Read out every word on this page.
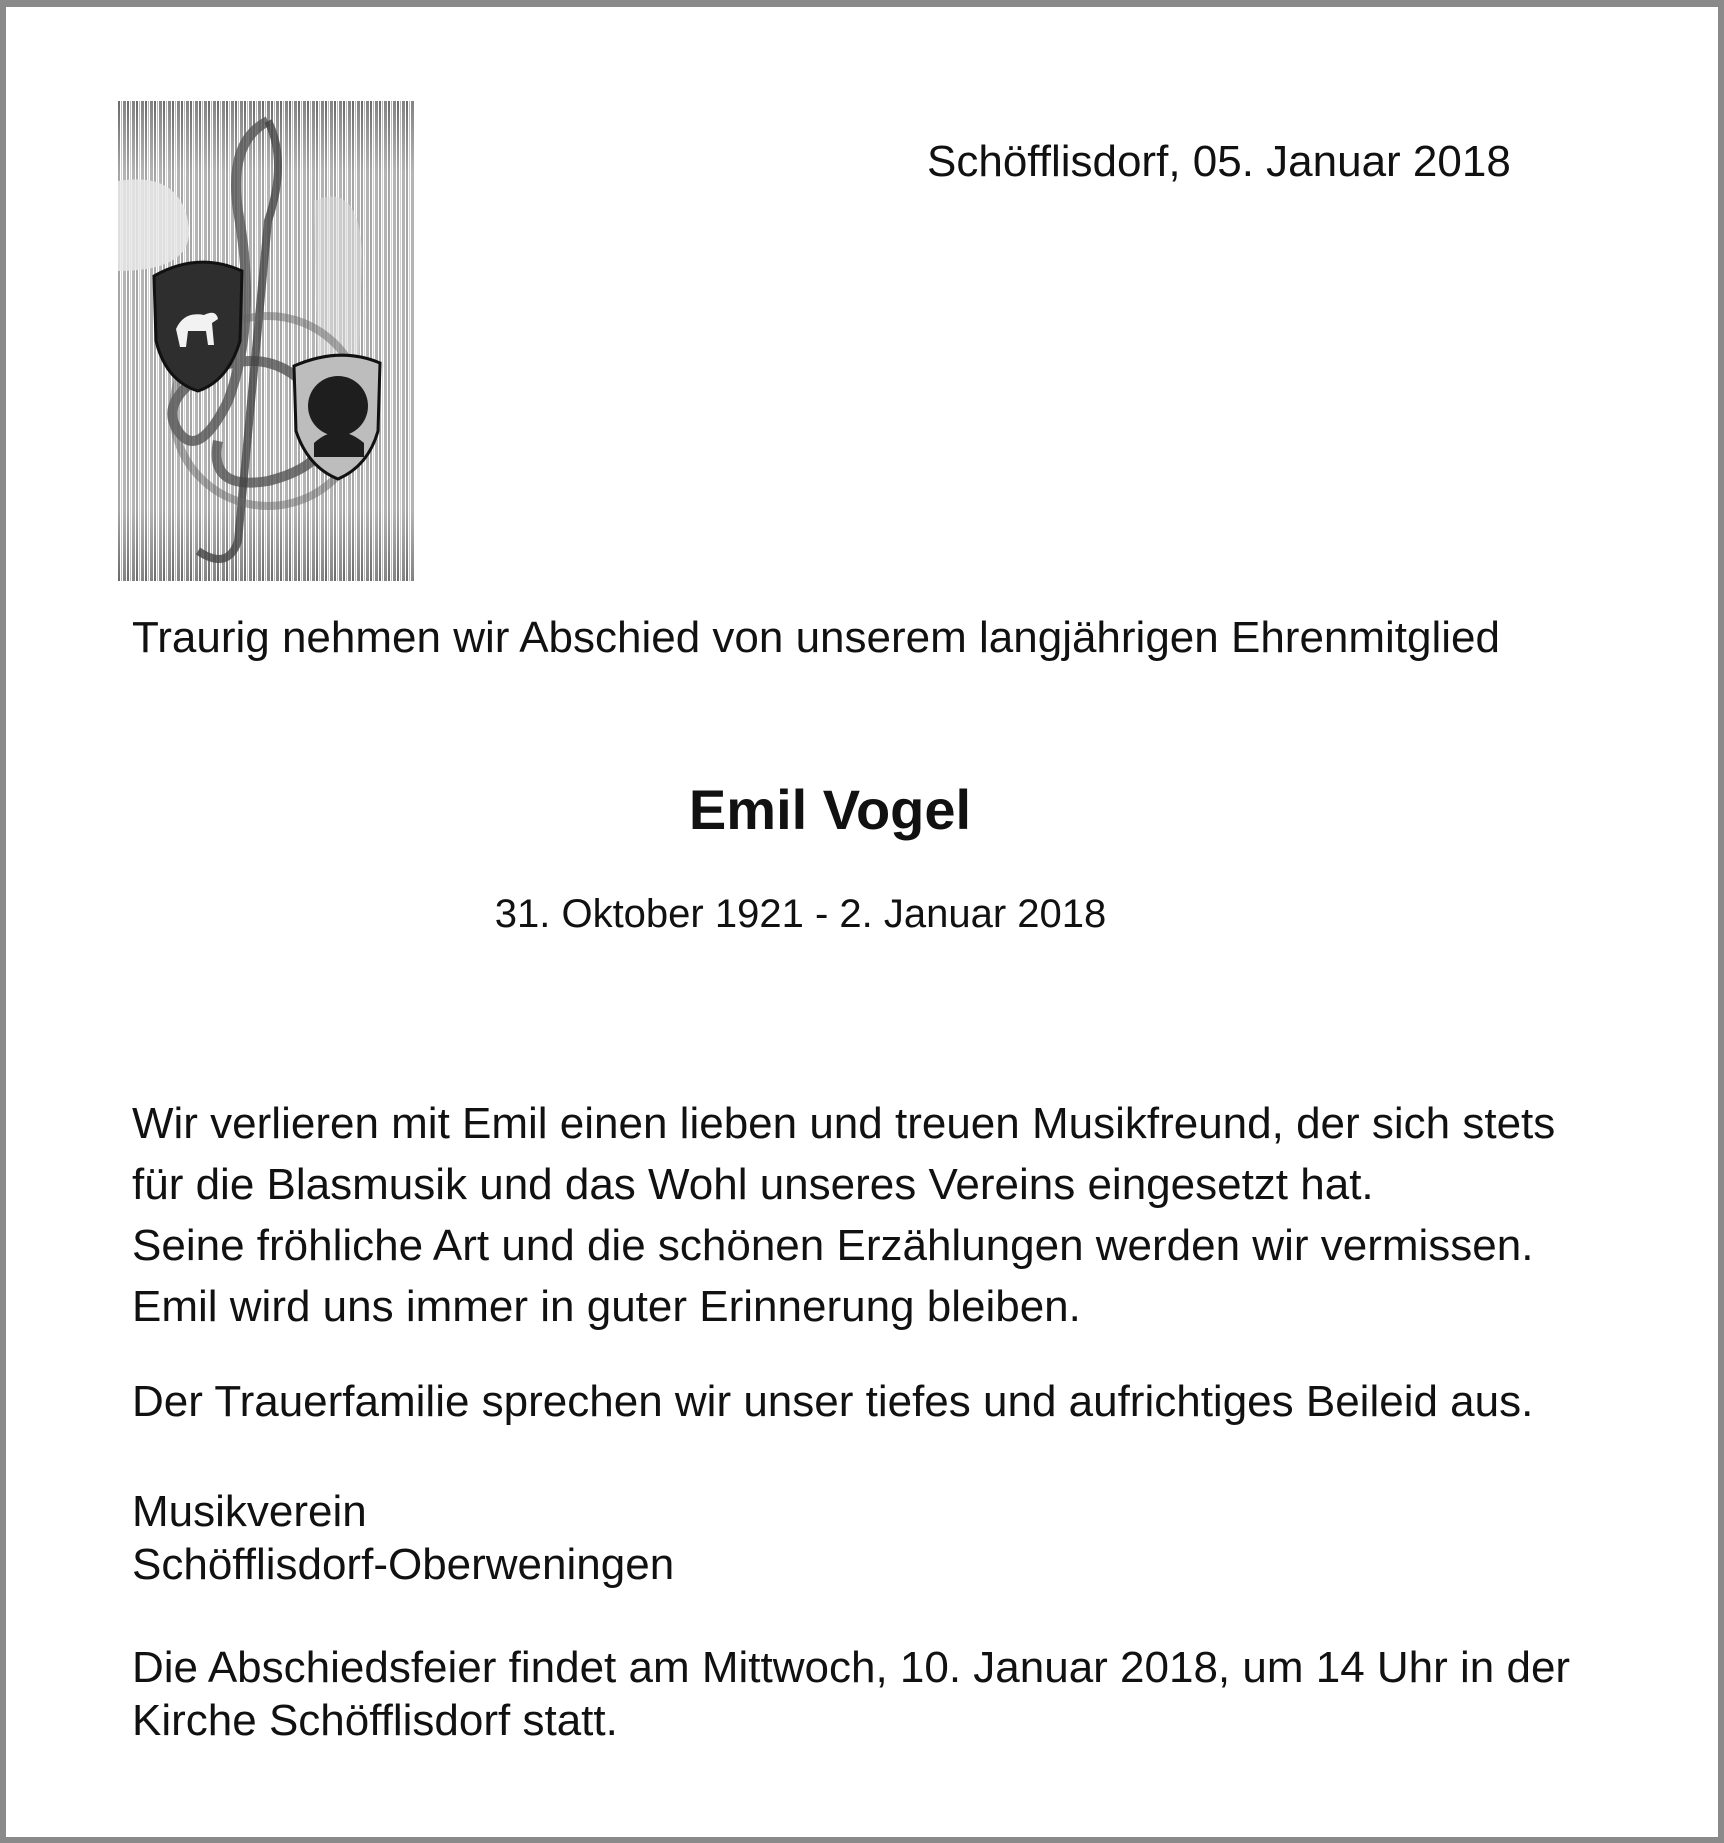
Schöfflisdorf, 05. Januar 2018

Traurig nehmen wir Abschied von unserem langjährigen Ehrenmitglied

Emil Vogel

31. Oktober 1921 - 2. Januar 2018

Wir verlieren mit Emil einen lieben und treuen Musikfreund, der sich stets
für die Blasmusik und das Wohl unseres Vereins eingesetzt hat.
Seine fröhliche Art und die schönen Erzählungen werden wir vermissen.
Emil wird uns immer in guter Erinnerung bleiben.

Der Trauerfamilie sprechen wir unser tiefes und aufrichtiges Beileid aus.

Musikverein
Schöfflisdorf-Oberweningen
Die Abschiedsfeier findet am Mittwoch, 10. Januar 2018, um 14 Uhr in der
Kirche Schöfflisdorf statt.
